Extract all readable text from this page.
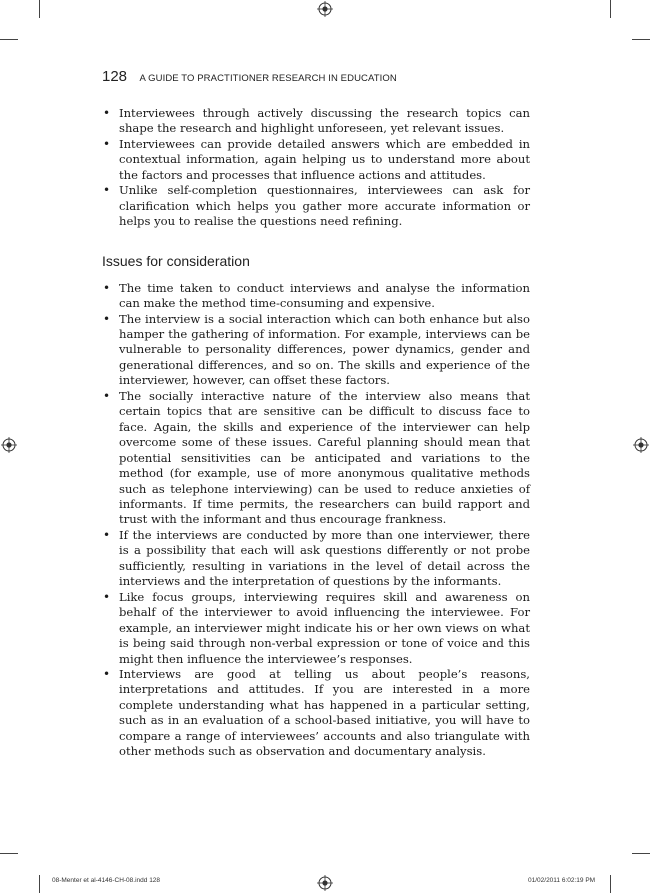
128 A GUIDE TO PRACTITIONER RESEARCH IN EDUCATION
• Interviewees through actively discussing the research topics can shape the research and highlight unforeseen, yet relevant issues.
• Interviewees can provide detailed answers which are embedded in contextual information, again helping us to understand more about the factors and processes that influence actions and attitudes.
• Unlike self-completion questionnaires, interviewees can ask for clarification which helps you gather more accurate information or helps you to realise the questions need refining.
Issues for consideration
• The time taken to conduct interviews and analyse the information can make the method time-consuming and expensive.
• The interview is a social interaction which can both enhance but also hamper the gathering of information. For example, interviews can be vulnerable to personality differences, power dynamics, gender and generational differences, and so on. The skills and experience of the interviewer, however, can offset these factors.
• The socially interactive nature of the interview also means that certain topics that are sensitive can be difficult to discuss face to face. Again, the skills and experience of the interviewer can help overcome some of these issues. Careful planning should mean that potential sensitivities can be anticipated and variations to the method (for example, use of more anonymous qualitative methods such as telephone interviewing) can be used to reduce anxieties of informants. If time permits, the researchers can build rapport and trust with the informant and thus encourage frankness.
• If the interviews are conducted by more than one interviewer, there is a possibility that each will ask questions differently or not probe sufficiently, resulting in variations in the level of detail across the interviews and the interpretation of questions by the informants.
• Like focus groups, interviewing requires skill and awareness on behalf of the interviewer to avoid influencing the interviewee. For example, an interviewer might indicate his or her own views on what is being said through non-verbal expression or tone of voice and this might then influence the interviewee’s responses.
• Interviews are good at telling us about people’s reasons, interpretations and attitudes. If you are interested in a more complete understanding what has happened in a particular setting, such as in an evaluation of a school-based initiative, you will have to compare a range of interviewees’ accounts and also triangulate with other methods such as observation and documentary analysis.
08-Menter et al-4146-CH-08.indd 128	01/02/2011 6:02:19 PM
